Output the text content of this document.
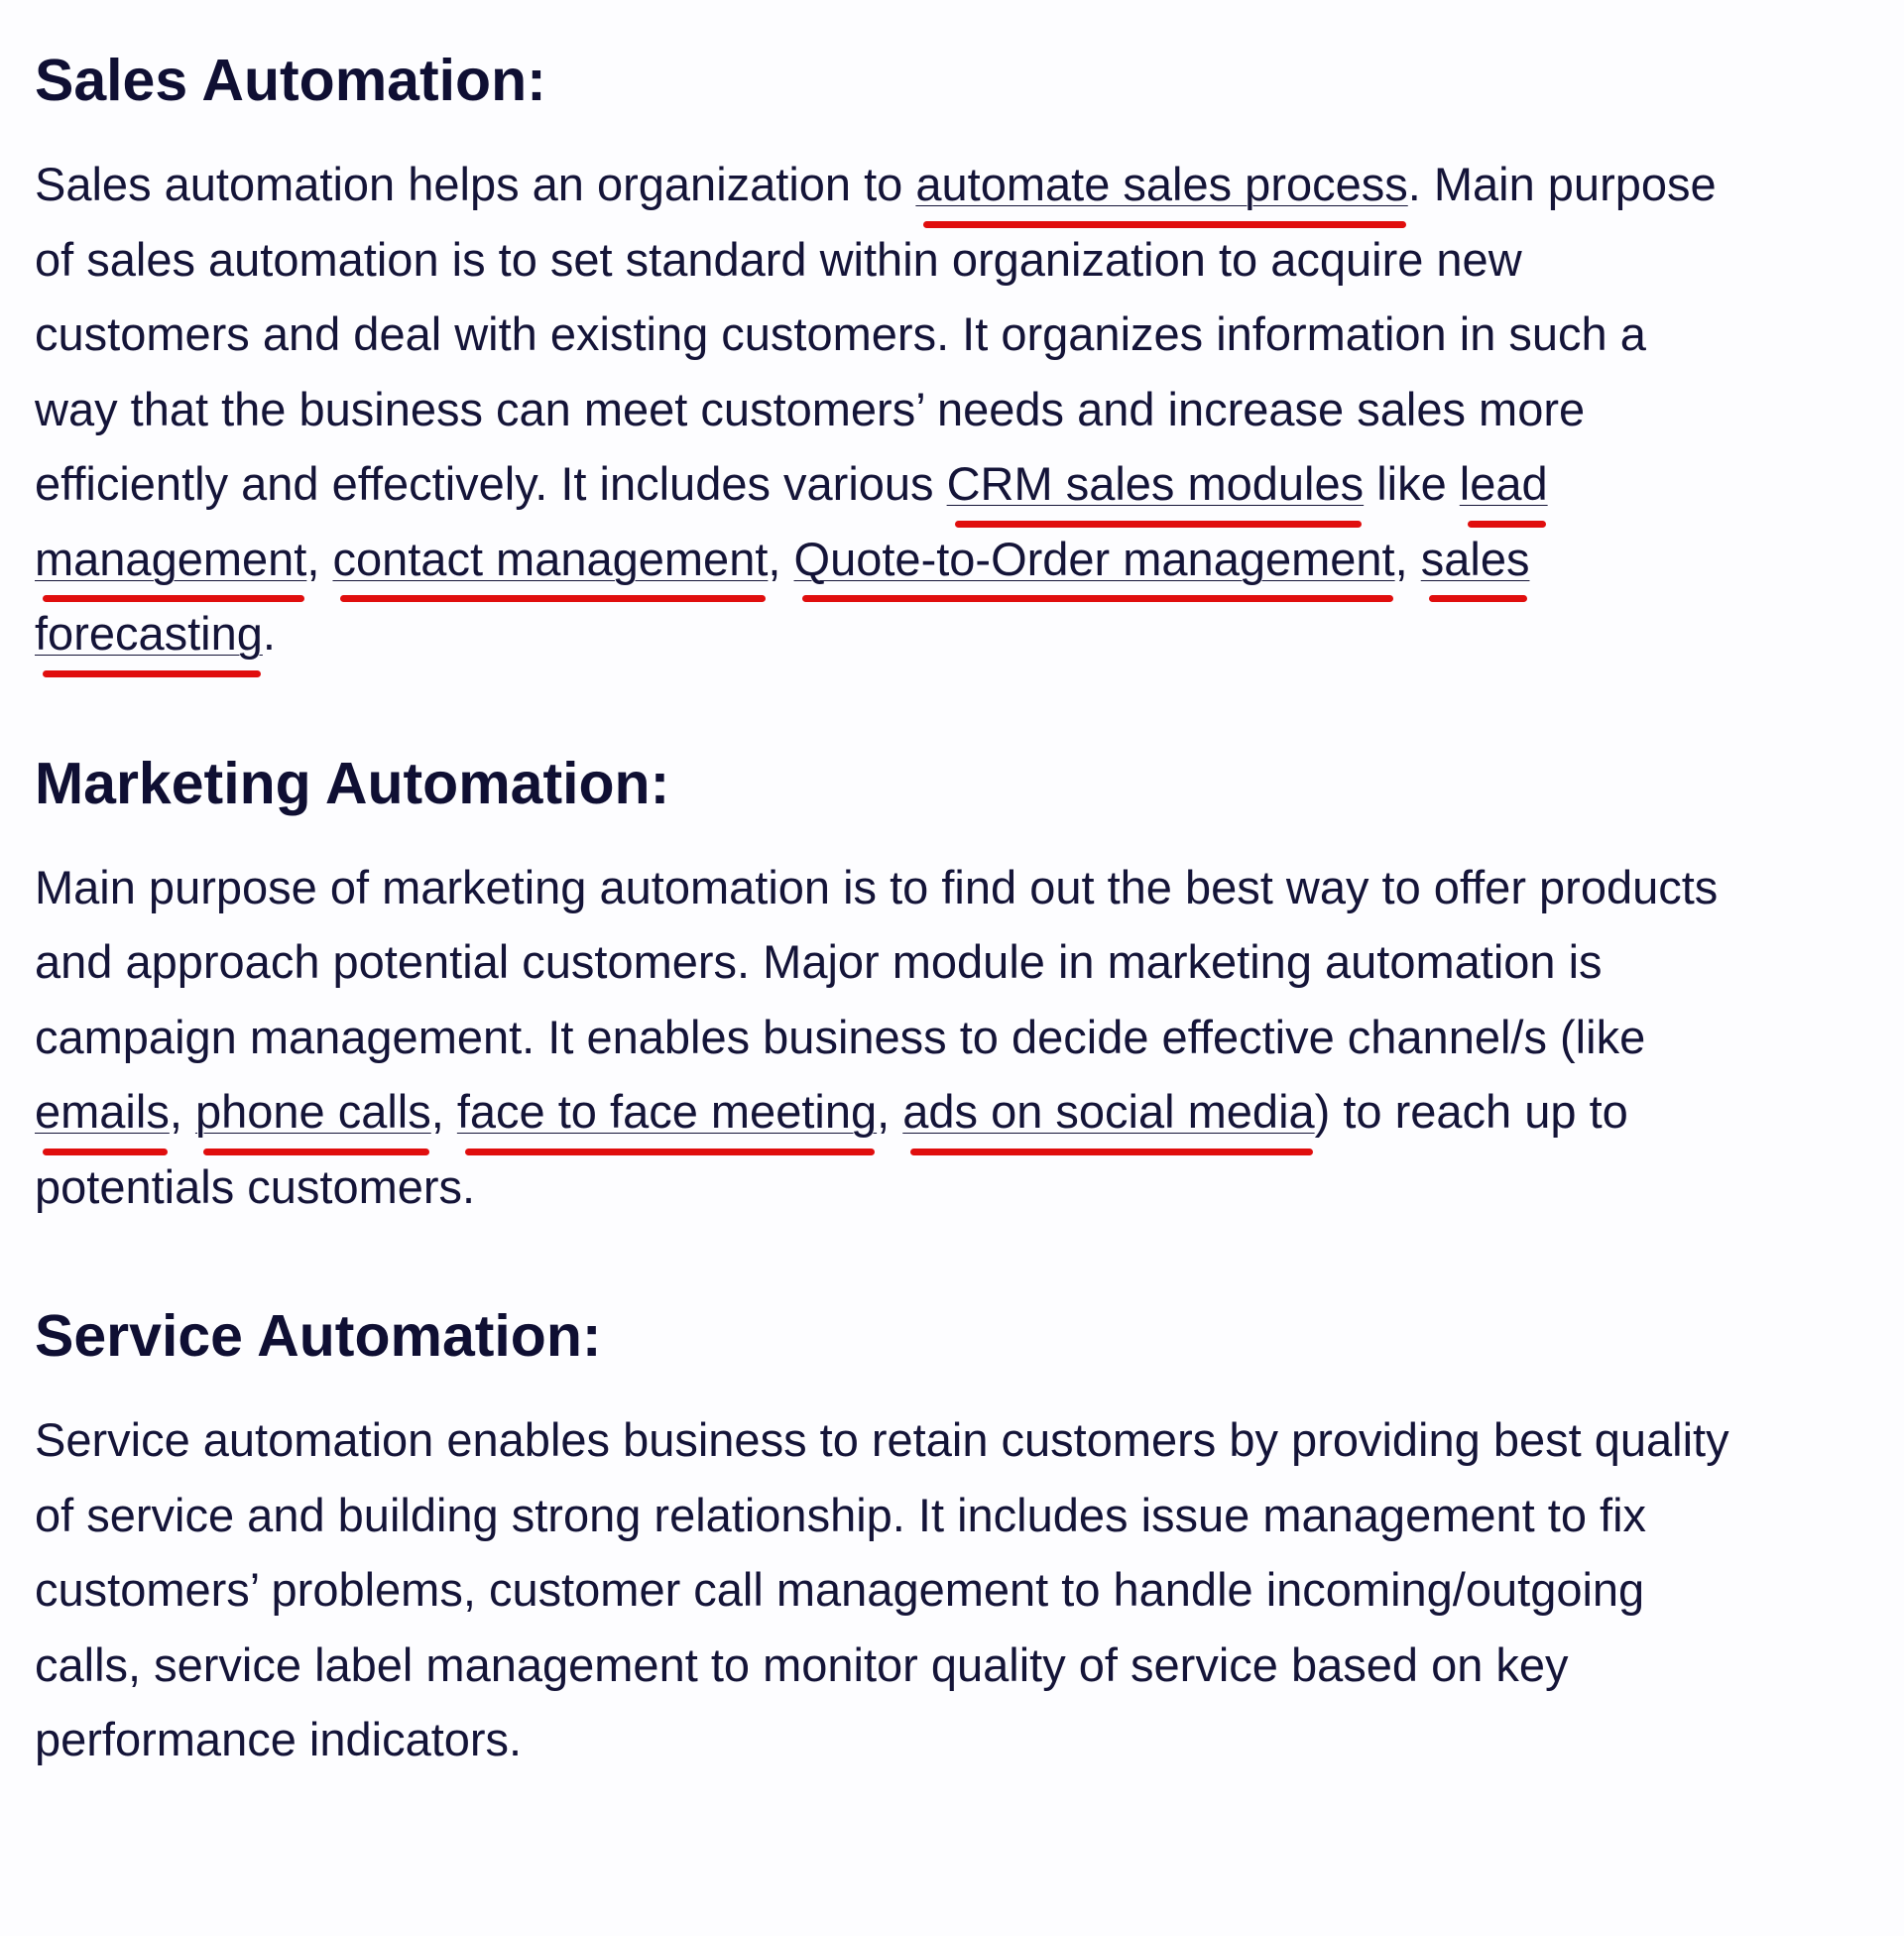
Sales Automation:
Sales automation helps an organization to automate sales process. Main purpose
of sales automation is to set standard within organization to acquire new
customers and deal with existing customers. It organizes information in such a
way that the business can meet customers’ needs and increase sales more
efficiently and effectively. It includes various CRM sales modules like lead
management, contact management, Quote-to-Order management, sales
forecasting.
Marketing Automation:
Main purpose of marketing automation is to find out the best way to offer products
and approach potential customers. Major module in marketing automation is
campaign management. It enables business to decide effective channel/s (like
emails, phone calls, face to face meeting, ads on social media) to reach up to
potentials customers.
Service Automation:
Service automation enables business to retain customers by providing best quality
of service and building strong relationship. It includes issue management to fix
customers’ problems, customer call management to handle incoming/outgoing
calls, service label management to monitor quality of service based on key
performance indicators.
